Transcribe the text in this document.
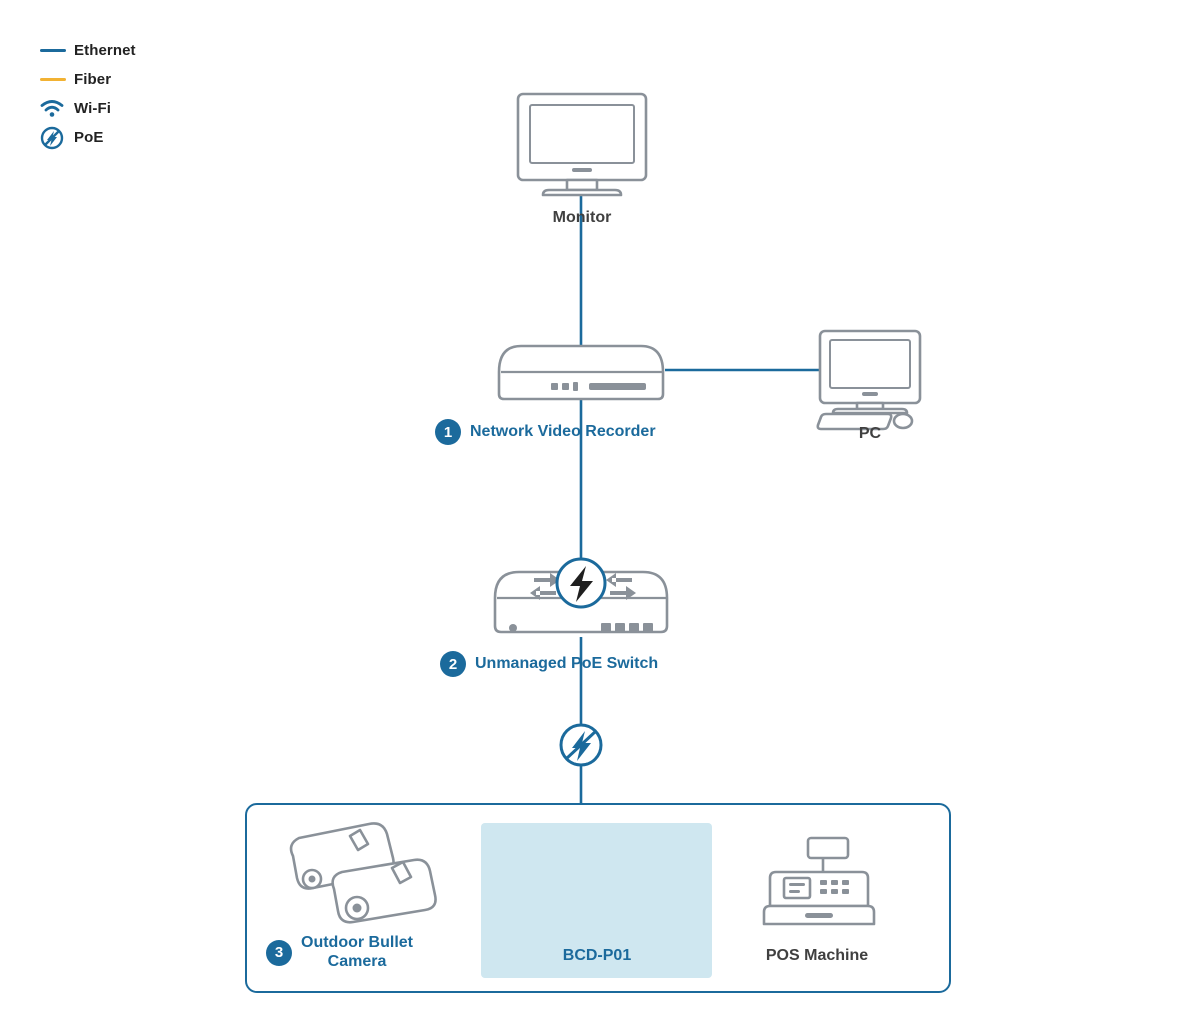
Ethernet
Fiber
Wi-Fi
PoE
Monitor
1	Network Video Recorder	PC
2	Unmanaged PoE Switch
3
Outdoor Bullet
Camera	BCD-P01	POS Machine
